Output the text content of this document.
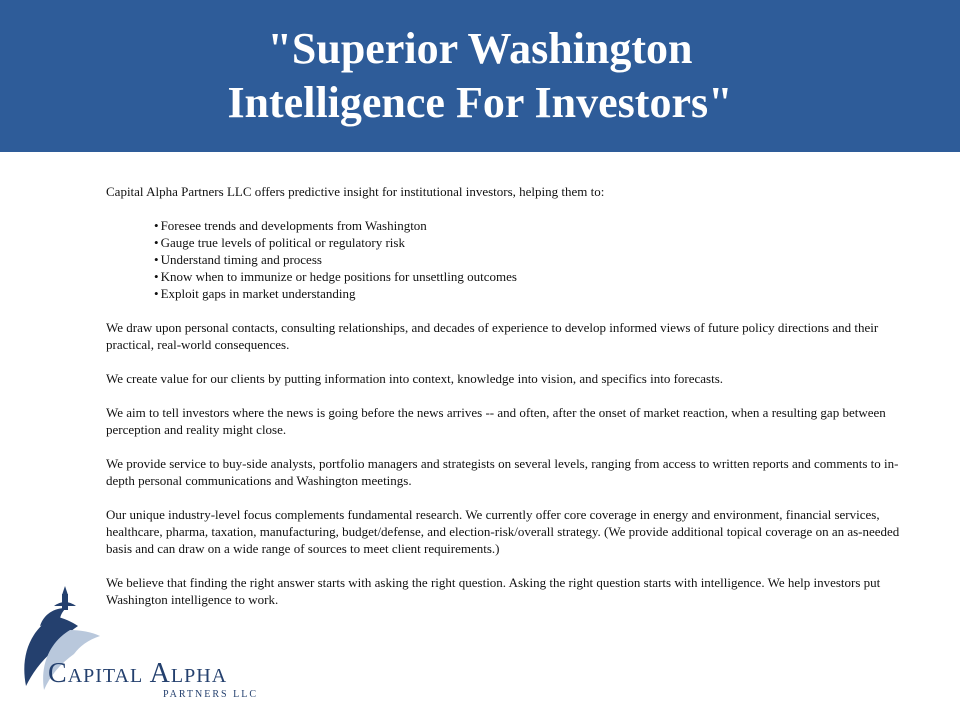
"Superior Washington
Intelligence For Investors"

Capital Alpha Partners LLC offers predictive insight for institutional investors, helping them to:

• Foresee trends and developments from Washington
• Gauge true levels of political or regulatory risk
• Understand timing and process
• Know when to immunize or hedge positions for unsettling outcomes
• Exploit gaps in market understanding

We draw upon personal contacts, consulting relationships, and decades of experience to develop informed views of future policy directions and their practical, real-world consequences.

We create value for our clients by putting information into context, knowledge into vision, and specifics into forecasts.

We aim to tell investors where the news is going before the news arrives -- and often, after the onset of market reaction, when a resulting gap between perception and reality might close.

We provide service to buy-side analysts, portfolio managers and strategists on several levels, ranging from access to written reports and comments to in-depth personal communications and Washington meetings.

Our unique industry-level focus complements fundamental research. We currently offer core coverage in energy and environment, financial services, healthcare, pharma, taxation, manufacturing, budget/defense, and election-risk/overall strategy. (We provide additional topical coverage on an as-needed basis and can draw on a wide range of sources to meet client requirements.)

We believe that finding the right answer starts with asking the right question. Asking the right question starts with intelligence. We help investors put Washington intelligence to work.

CAPITAL ALPHA
PARTNERS LLC
